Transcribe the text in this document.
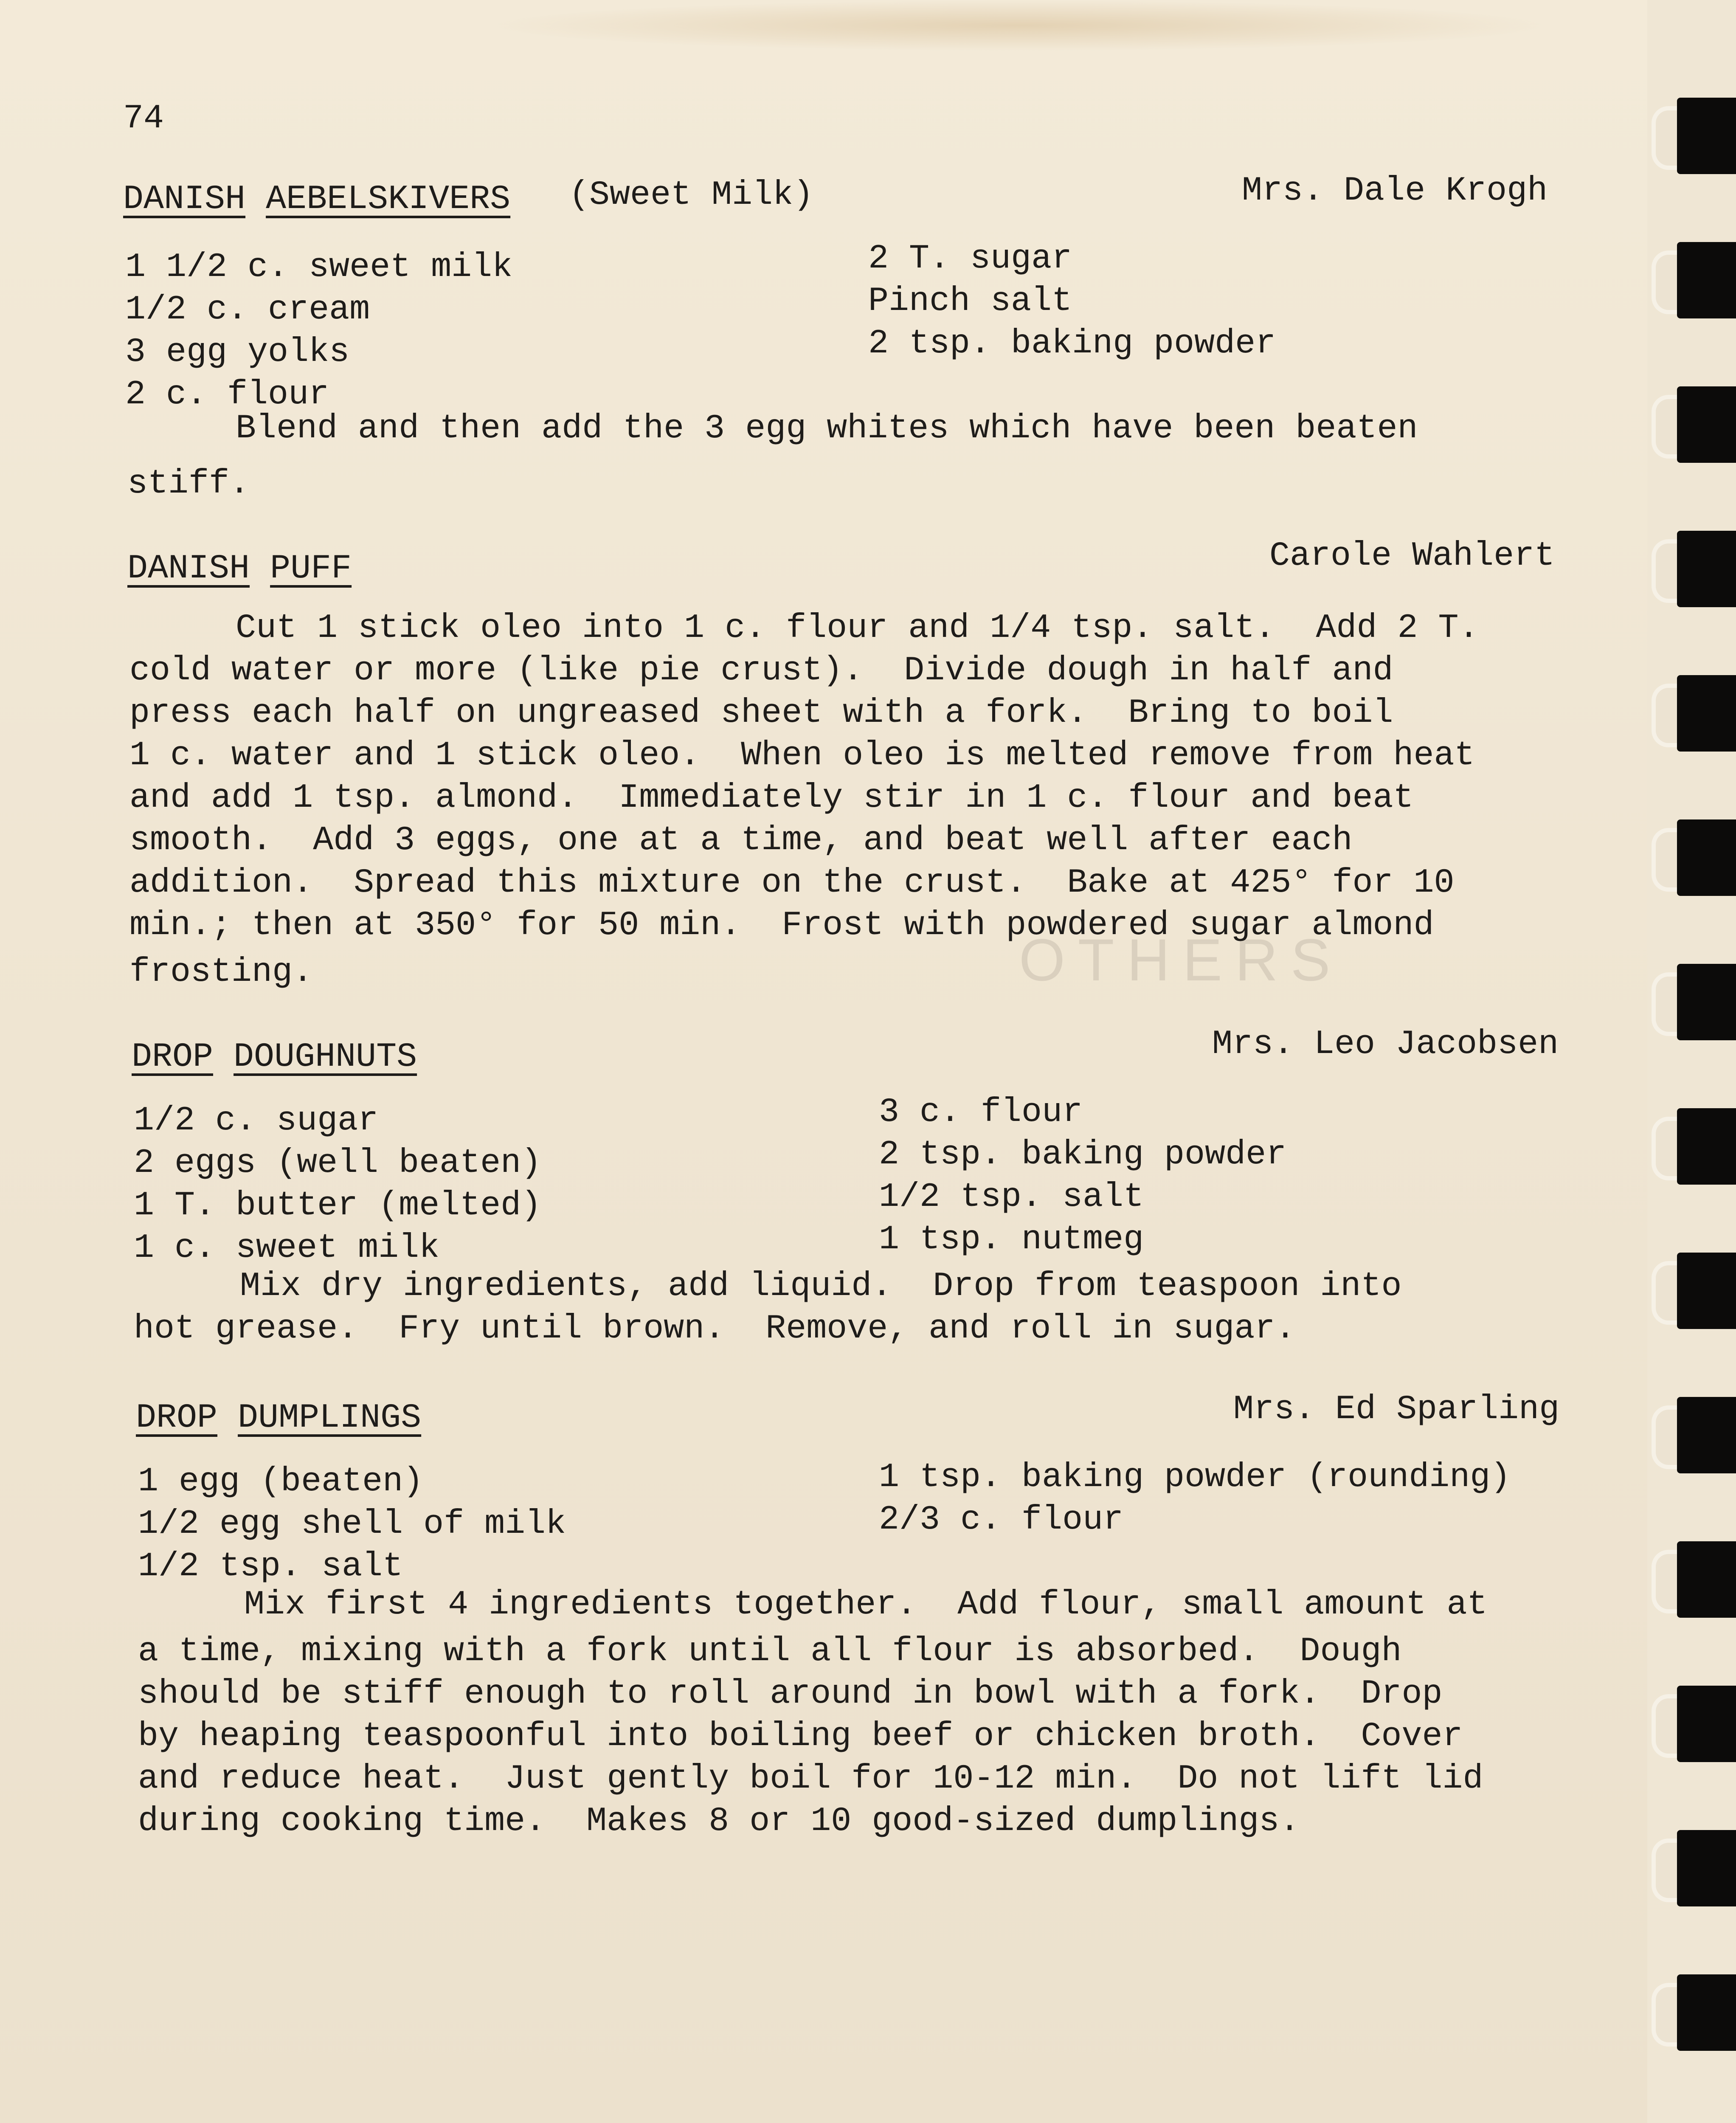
OTHERS
74
DANISH AEBELSKIVERS (Sweet Milk)	Mrs. Dale Krogh
1 1/2 c. sweet milk
1/2 c. cream
3 egg yolks
2 c. flour
2 T. sugar
Pinch salt
2 tsp. baking powder
Blend and then add the 3 egg whites which have been beaten
stiff.
DANISH PUFF	Carole Wahlert
Cut 1 stick oleo into 1 c. flour and 1/4 tsp. salt.  Add 2 T.
cold water or more (like pie crust).  Divide dough in half and
press each half on ungreased sheet with a fork.  Bring to boil
1 c. water and 1 stick oleo.  When oleo is melted remove from heat
and add 1 tsp. almond.  Immediately stir in 1 c. flour and beat
smooth.  Add 3 eggs, one at a time, and beat well after each
addition.  Spread this mixture on the crust.  Bake at 425° for 10
min.; then at 350° for 50 min.  Frost with powdered sugar almond
frosting.
DROP DOUGHNUTS	Mrs. Leo Jacobsen
1/2 c. sugar
2 eggs (well beaten)
1 T. butter (melted)
1 c. sweet milk
3 c. flour
2 tsp. baking powder
1/2 tsp. salt
1 tsp. nutmeg
Mix dry ingredients, add liquid.  Drop from teaspoon into
hot grease.  Fry until brown.  Remove, and roll in sugar.
DROP DUMPLINGS	Mrs. Ed Sparling
1 egg (beaten)
1/2 egg shell of milk
1/2 tsp. salt
1 tsp. baking powder (rounding)
2/3 c. flour
Mix first 4 ingredients together.  Add flour, small amount at
a time, mixing with a fork until all flour is absorbed.  Dough
should be stiff enough to roll around in bowl with a fork.  Drop
by heaping teaspoonful into boiling beef or chicken broth.  Cover
and reduce heat.  Just gently boil for 10-12 min.  Do not lift lid
during cooking time.  Makes 8 or 10 good-sized dumplings.
